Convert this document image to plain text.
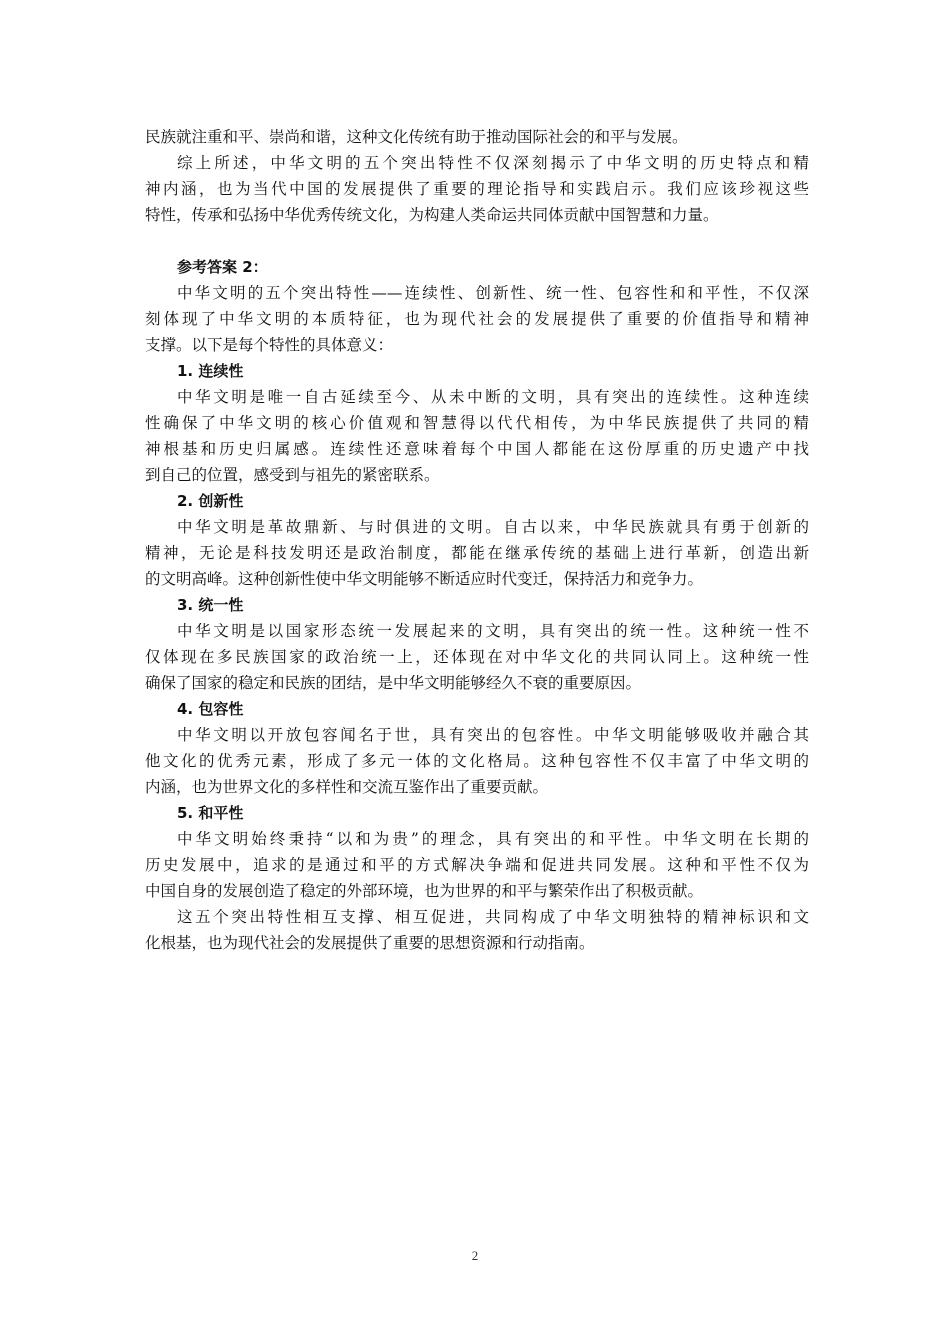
民族就注重和平、崇尚和谐，这种文化传统有助于推动国际社会的和平与发展。
综上所述，中华文明的五个突出特性不仅深刻揭示了中华文明的历史特点和精
神内涵，也为当代中国的发展提供了重要的理论指导和实践启示。我们应该珍视这些
特性，传承和弘扬中华优秀传统文化，为构建人类命运共同体贡献中国智慧和力量。
参考答案 2：
中华文明的五个突出特性——连续性、创新性、统一性、包容性和和平性，不仅深
刻体现了中华文明的本质特征，也为现代社会的发展提供了重要的价值指导和精神
支撑。以下是每个特性的具体意义：
1. 连续性
中华文明是唯一自古延续至今、从未中断的文明，具有突出的连续性。这种连续
性确保了中华文明的核心价值观和智慧得以代代相传，为中华民族提供了共同的精
神根基和历史归属感。连续性还意味着每个中国人都能在这份厚重的历史遗产中找
到自己的位置，感受到与祖先的紧密联系。
2. 创新性
中华文明是革故鼎新、与时俱进的文明。自古以来，中华民族就具有勇于创新的
精神，无论是科技发明还是政治制度，都能在继承传统的基础上进行革新，创造出新
的文明高峰。这种创新性使中华文明能够不断适应时代变迁，保持活力和竞争力。
3. 统一性
中华文明是以国家形态统一发展起来的文明，具有突出的统一性。这种统一性不
仅体现在多民族国家的政治统一上，还体现在对中华文化的共同认同上。这种统一性
确保了国家的稳定和民族的团结，是中华文明能够经久不衰的重要原因。
4. 包容性
中华文明以开放包容闻名于世，具有突出的包容性。中华文明能够吸收并融合其
他文化的优秀元素，形成了多元一体的文化格局。这种包容性不仅丰富了中华文明的
内涵，也为世界文化的多样性和交流互鉴作出了重要贡献。
5. 和平性
中华文明始终秉持“以和为贵”的理念，具有突出的和平性。中华文明在长期的
历史发展中，追求的是通过和平的方式解决争端和促进共同发展。这种和平性不仅为
中国自身的发展创造了稳定的外部环境，也为世界的和平与繁荣作出了积极贡献。
这五个突出特性相互支撑、相互促进，共同构成了中华文明独特的精神标识和文
化根基，也为现代社会的发展提供了重要的思想资源和行动指南。
2
